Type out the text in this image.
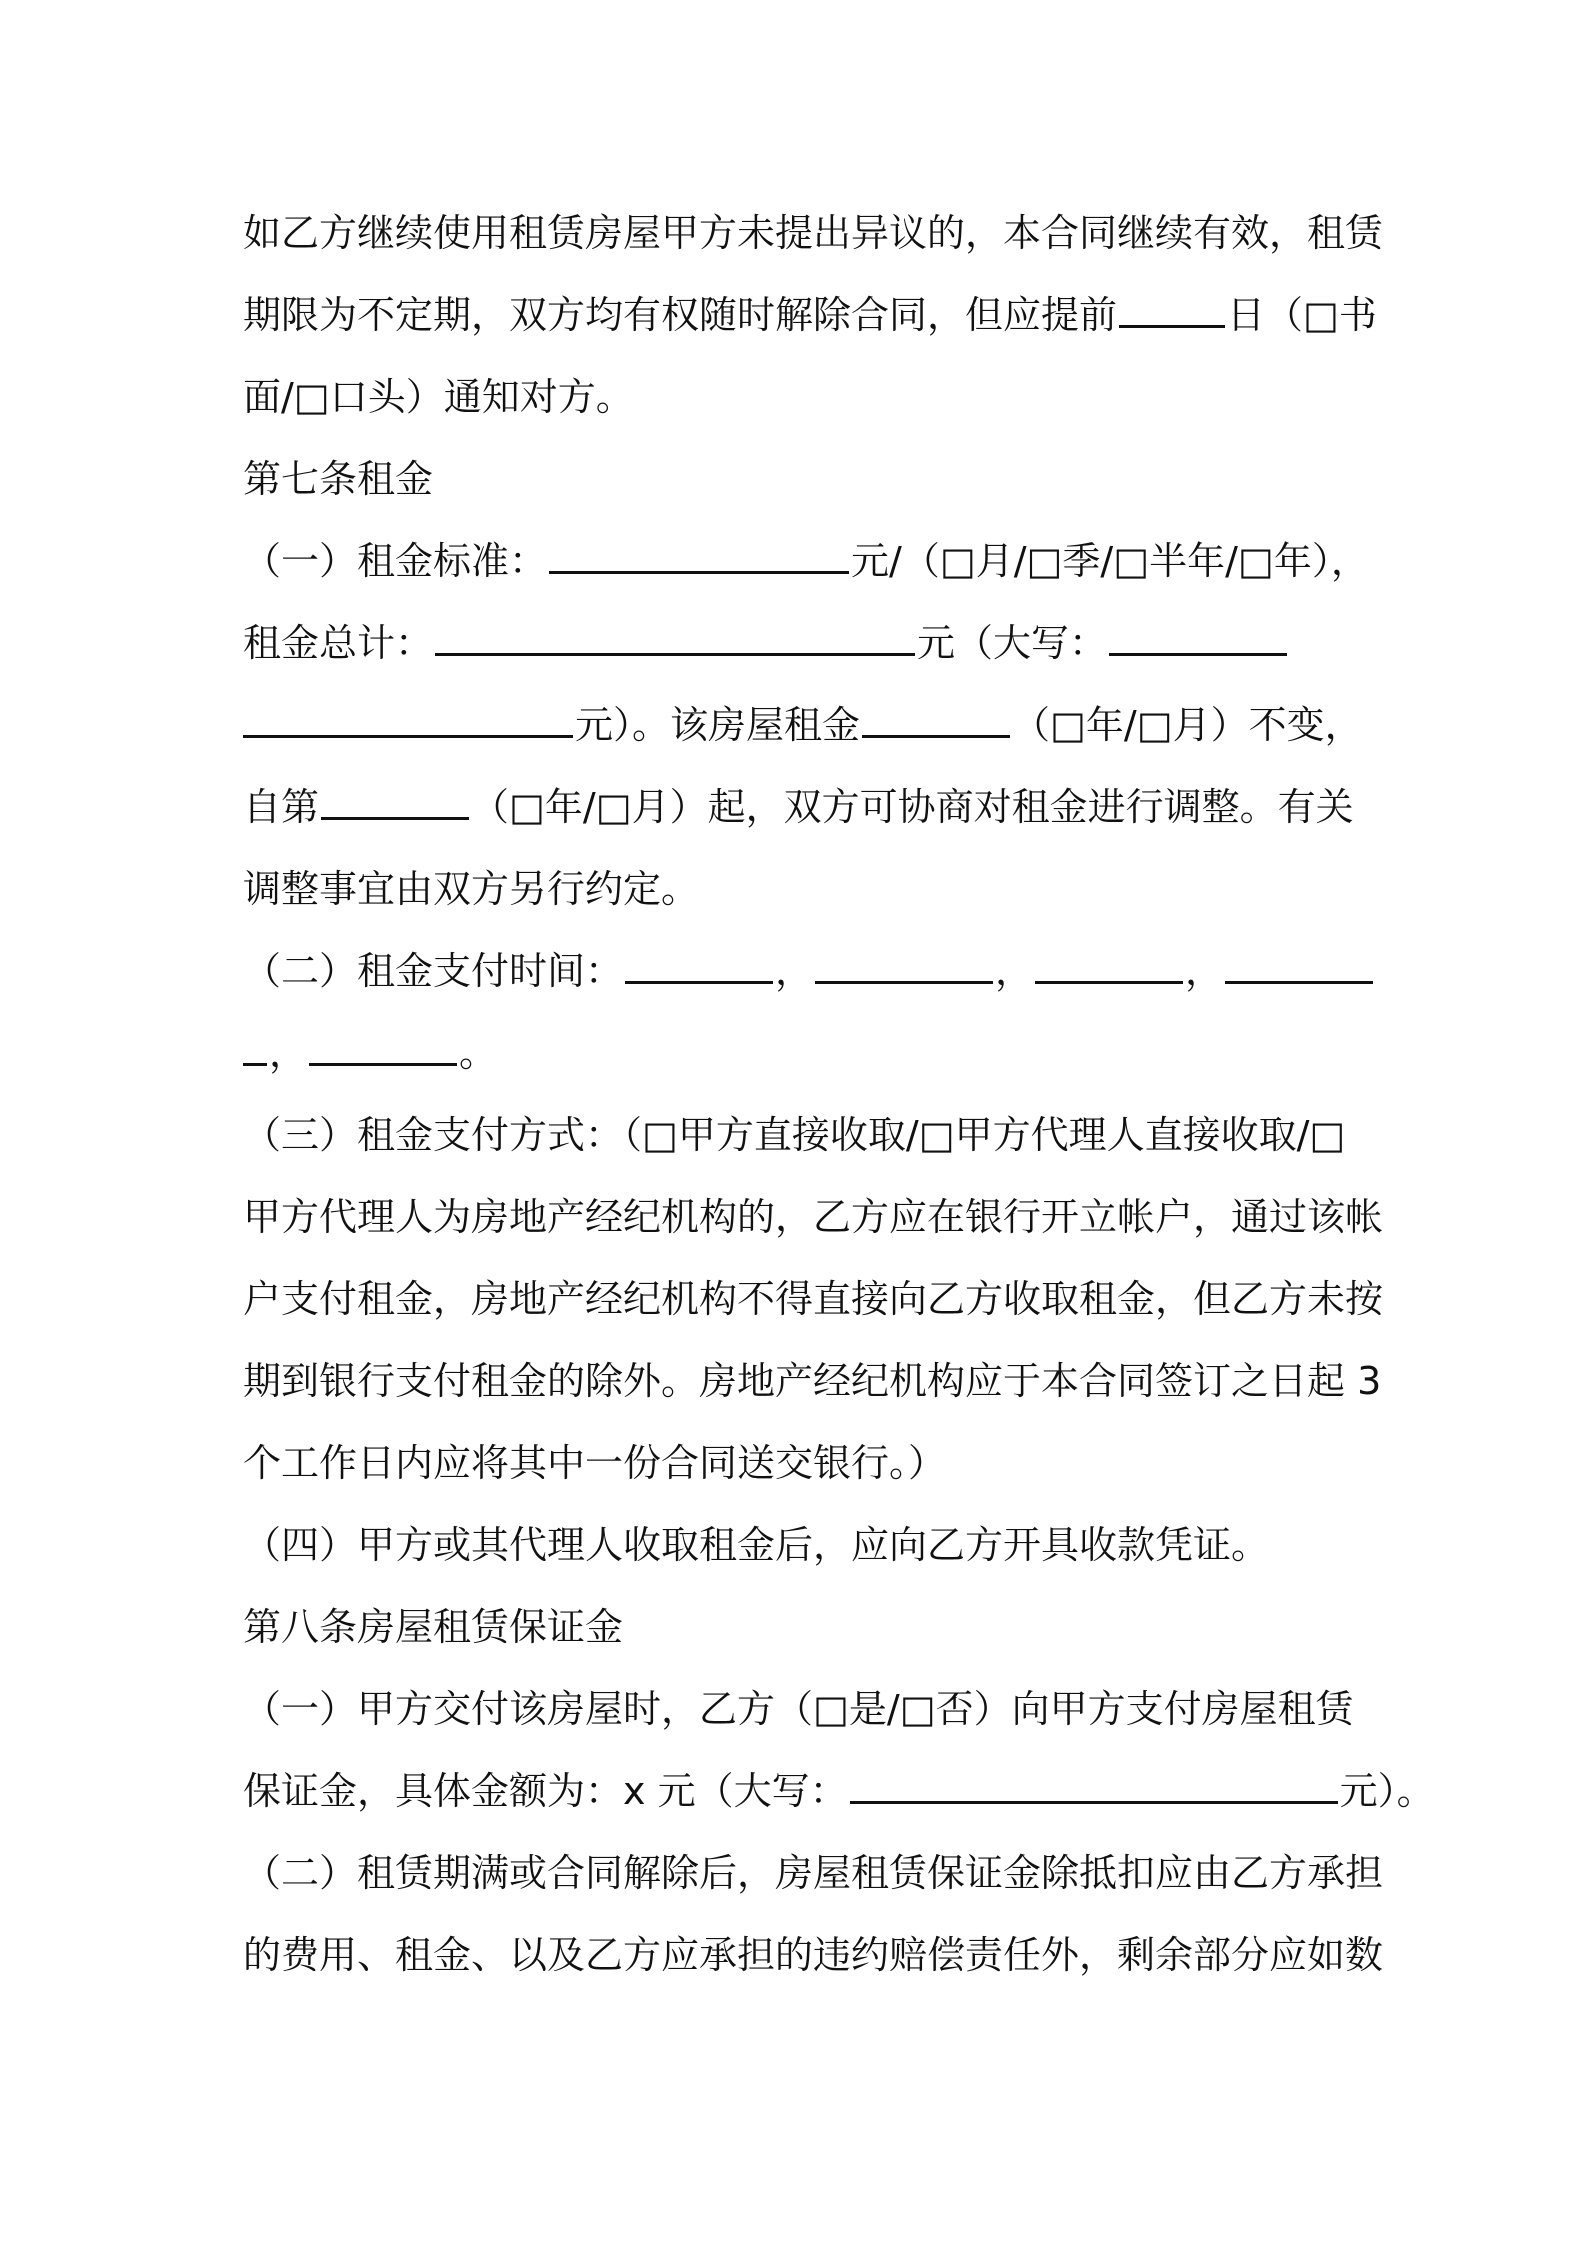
如乙方继续使用租赁房屋甲方未提出异议的，本合同继续有效，租赁
期限为不定期，双方均有权随时解除合同，但应提前	日（□书
面/□口头）通知对方。
第七条租金
（一）租金标准：	元/（□月/□季/□半年/□年），
租金总计：	元（大写：
元）。该房屋租金	（□年/□月）不变，
自第	（□年/□月）起，双方可协商对租金进行调整。有关
调整事宜由双方另行约定。
（二）租金支付时间：	，	，	，
，	。
（三）租金支付方式：（□甲方直接收取/□甲方代理人直接收取/□
甲方代理人为房地产经纪机构的，乙方应在银行开立帐户，通过该帐
户支付租金，房地产经纪机构不得直接向乙方收取租金，但乙方未按
期到银行支付租金的除外。房地产经纪机构应于本合同签订之日起 3
个工作日内应将其中一份合同送交银行。）
（四）甲方或其代理人收取租金后，应向乙方开具收款凭证。
第八条房屋租赁保证金
（一）甲方交付该房屋时，乙方（□是/□否）向甲方支付房屋租赁
保证金，具体金额为：x 元（大写：	元）。
（二）租赁期满或合同解除后，房屋租赁保证金除抵扣应由乙方承担
的费用、租金、以及乙方应承担的违约赔偿责任外，剩余部分应如数
